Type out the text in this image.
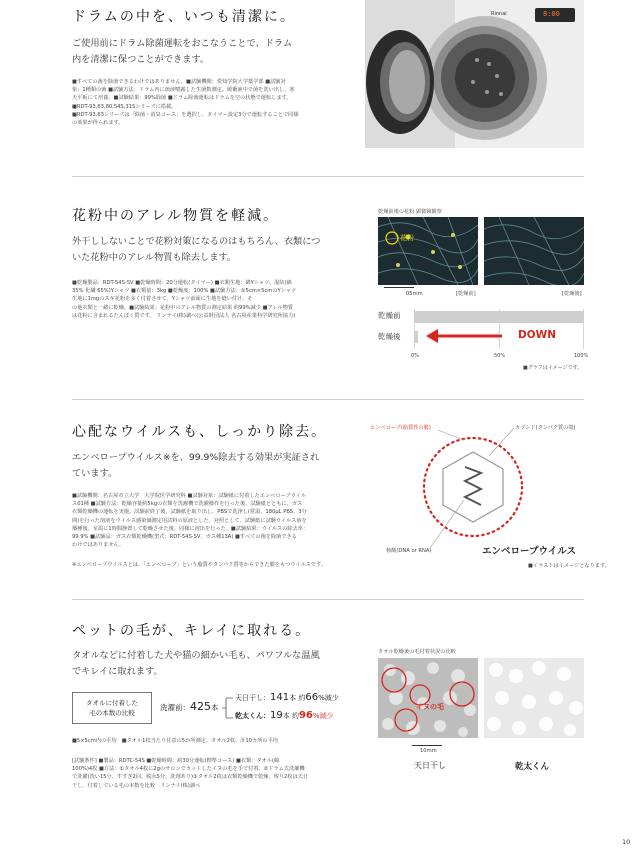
ドラムの中を、いつも清潔に。
ご使用前にドラム除菌運転をおこなうことで、ドラム
内を清潔に保つことができます。
■すべての菌を除菌できるわけではありません。■試験機関：愛知学院大学薬学部 ■試験対
象：1種類の菌 ■試験方法：ドラム内に菌液噴霧した生菌数測定。緩衝液中で菌を洗い出し、寒
天平板にて培養。■試験結果：99%除菌 ■ドラム除菌運転はドラムを空の状態で運転します。
■RDT-93,63,80,54S,31Sシリーズに搭載。
■RDT-93,63シリーズは「除菌・消臭コース」を選択し、タイマー設定3分で運転することで同様
の効果が得られます。
Rinnai	8:00
花粉中のアレル物質を軽減。
外干ししないことで花粉対策になるのはもちろん、衣類につ
いた花粉中のアレル物質も除去します。
■乾燥製品：RDT-54S-SV ■乾燥時間：20分運転(タイマー) ■衣類生地：綿Yシャツ、混紡(綿
35% 化繊 65%)Yシャツ ■衣類量：3kg ■乾燥度：100% ■試験方法：①5cm×5cmのYシャツ
生地に1mgのスギ花粉を多く付着させて、Yシャツ前面に生地を縫い付け、そ
の他衣類と一緒に乾燥。■試験結果：花粉中のアレル物質の測定結果 約99%減少 ■アレル物質
は花粉に含まれるたんぱく質です。 リンナイ(株)調べ(公益財団法人 名古屋産業科学研究所協力)
乾燥前後の花粉 顕微鏡観察
花粉
05mm	[乾燥前]	[乾燥後]
乾燥前
乾燥後	DOWN
0%	50%	100%
■グラフはイメージです。
心配なウイルスも、しっかり除去。
エンベロープウイルス※を、99.9%除去する効果が実証され
ています。
■試験機関：名古屋市立大学　大学院医学研究科 ■試験対象：試験紙に付着したエンベロープウイル
ス01種 ■試験方法：乾燥容量約5kgの衣類を洗濯機で洗濯操作を行った後、試験紙とともに、ガス
衣類乾燥機の運転を実施。試験前終了後、試験紙を取り出し、PBSで洗浄し(常温、180μL PBS、3分
間)を行った溶液をウイルス感染価測定用試料の原液とした。対照として、試験紙に試験ウイルス液を
播種後、室温に1時間静置して乾燥させた後、同様に溶出を行った。■試験結果：ウイルスの除去率：
99.9% ■試験品：ガス衣類乾燥機(型式：RDT-54S-SV、ガス種13A) ■すべての菌を除菌できる
わけではありません。
※エンベロープウイルスとは、「エンベロープ」という脂質やタンパク質等からできた膜をもつウイルスです。
エンベロープ(脂質性の膜)	カプシド(タンパク質の殻)
核酸(DNA or RNA)	エンベロープウイルス
■イラストはイメージとなります。
ペットの毛が、キレイに取れる。
タオルなどに付着した犬や猫の細かい毛も、パワフルな温風
でキレイに取れます。
タオルに付着した
毛の本数の比較
洗濯前：425本
天日干し：141本 約66%減少
乾太くん：19本 約96%減少
■5×5cm内の平均　■タオル1枚当たり任意の5か所測定、タオル2枚、計10カ所の平均
[試験条件] ■製品：RDTC-54S ■乾燥時間：約30分運転(標準コース) ■衣類：タオル(綿
100%)4枚 ■方法：①タオル4枚に2gのサロンでカットしたイヌの毛を手で付着。②ドラム式洗濯機
で洗濯(洗い15分、すすぎ2回、脱水5分、洗剤あり)③タオル2枚は衣類乾燥機で乾燥、残り2枚は天日
干し、付着している毛の本数を比較　リンナイ(株)調べ
タオル乾燥後の毛付着状況の比較
イヌの毛
10mm
天日干し	乾太くん
10
